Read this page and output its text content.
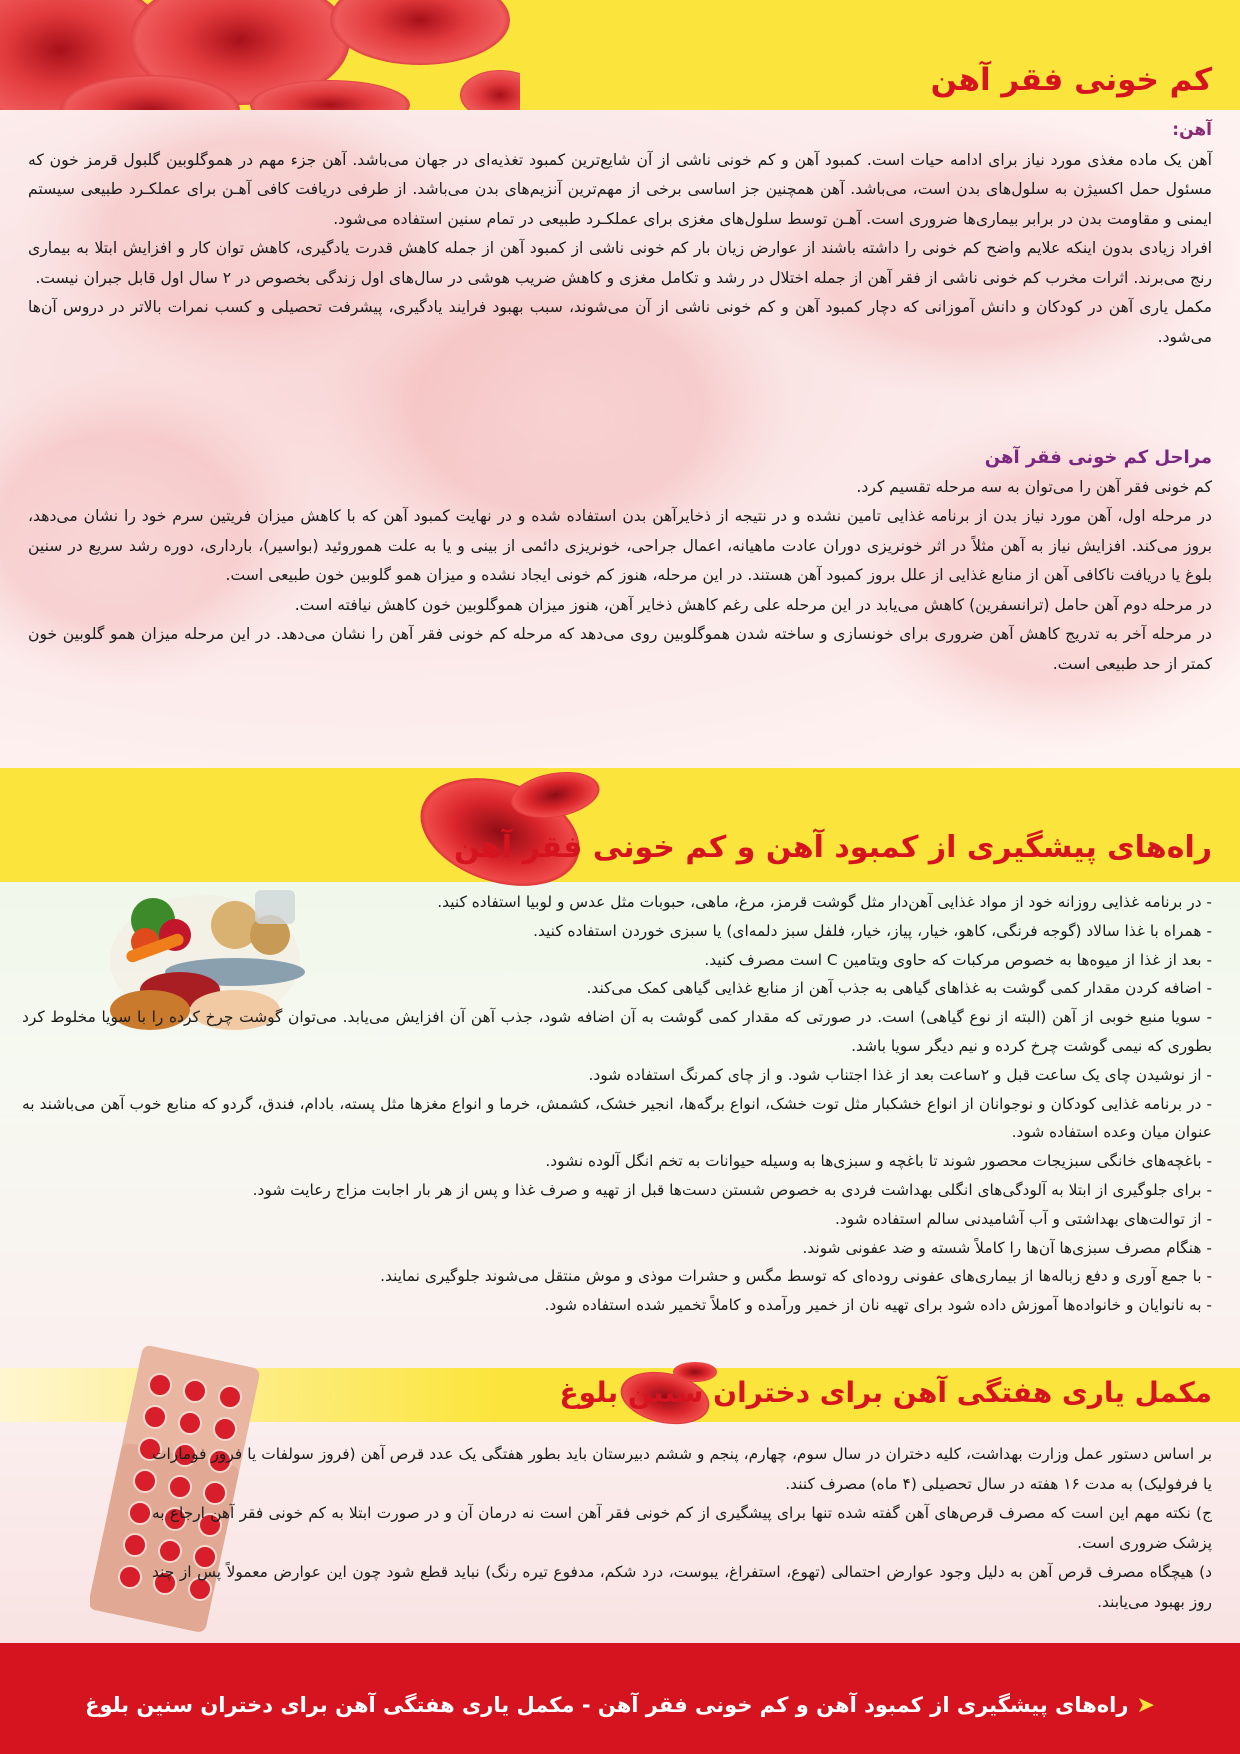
کم خونی فقر آهن
آهن:

آهن یک ماده مغذی مورد نیاز برای ادامه حیات است. کمبود آهن و کم خونی ناشی از آن شایع‌ترین کمبود تغذیه‌ای در جهان می‌باشد. آهن جزء مهم در هموگلوبین گلبول قرمز خون که مسئول حمل اکسیژن به سلول‌های بدن است، می‌باشد. آهن همچنین جز اساسی برخی از مهم‌ترین آنزیم‌های بدن می‌باشد. از طرفی دریافت کافی آهـن برای عملکـرد طبیعی سیستم ایمنی و مقاومت بدن در برابر بیماری‌ها ضروری است. آهـن توسط سلول‌های مغزی برای عملکـرد طبیعی در تمام سنین استفاده می‌شود.

افراد زیادی بدون اینکه علایم واضح کم خونی را داشته باشند از عوارض زیان بار کم خونی ناشی از کمبود آهن از جمله کاهش قدرت یادگیری، کاهش توان کار و افزایش ابتلا به بیماری رنج می‌برند. اثرات مخرب کم خونی ناشی از فقر آهن از جمله اختلال در رشد و تکامل مغزی و کاهش ضریب هوشی در سال‌های اول زندگی بخصوص در ۲ سال اول قابل جبران نیست.

مکمل یاری آهن در کودکان و دانش آموزانی که دچار کمبود آهن و کم خونی ناشی از آن می‌شوند، سبب بهبود فرایند یادگیری، پیشرفت تحصیلی و کسب نمرات بالاتر در دروس آن‌ها می‌شود.

مراحل کم خونی فقر آهن

کم خونی فقر آهن را می‌توان به سه مرحله تقسیم کرد.

در مرحله اول، آهن مورد نیاز بدن از برنامه غذایی تامین نشده و در نتیجه از ذخایرآهن بدن استفاده شده و در نهایت کمبود آهن که با کاهش میزان فریتین سرم خود را نشان می‌دهد، بروز می‌کند. افزایش نیاز به آهن مثلاً در اثر خونریزی دوران عادت ماهیانه، اعمال جراحی، خونریزی دائمی از بینی و یا به علت هموروئید (بواسیر)، بارداری، دوره رشد سریع در سنین بلوغ یا دریافت ناکافی آهن از منابع غذایی از علل بروز کمبود آهن هستند. در این مرحله، هنوز کم خونی ایجاد نشده و میزان همو گلوبین خون طبیعی است.

در مرحله دوم آهن حامل (ترانسفرین) کاهش می‌یابد در این مرحله علی رغم کاهش ذخایر آهن، هنوز میزان هموگلوبین خون کاهش نیافته است.

در مرحله آخر به تدریج کاهش آهن ضروری برای خونسازی و ساخته شدن هموگلوبین روی می‌دهد که مرحله کم خونی فقر آهن را نشان می‌دهد. در این مرحله میزان همو گلوبین خون کمتر از حد طبیعی است.

راه‌های پیشگیری از کمبود آهن و کم خونی فقر آهن
- در برنامه غذایی روزانه خود از مواد غذایی آهن‌دار مثل گوشت قرمز، مرغ، ماهی، حبوبات مثل عدس و لوبیا استفاده کنید.
- همراه با غذا سالاد (گوجه فرنگی، کاهو، خیار، پیاز، خیار، فلفل سبز دلمه‌ای) یا سبزی خوردن استفاده کنید.
- بعد از غذا از میوه‌ها به خصوص مرکبات که حاوی ویتامین C است مصرف کنید.
- اضافه کردن مقدار کمی گوشت به غذاهای گیاهی به جذب آهن از منابع غذایی گیاهی کمک می‌کند.
- سویا منبع خوبی از آهن (البته از نوع گیاهی) است. در صورتی که مقدار کمی گوشت به آن اضافه شود، جذب آهن آن افزایش می‌یابد. می‌توان گوشت چرخ کرده را با سویا مخلوط کرد بطوری که نیمی گوشت چرخ کرده و نیم دیگر سویا باشد.
- از نوشیدن چای یک ساعت قبل و ۲ساعت بعد از غذا اجتناب شود. و از چای کمرنگ استفاده شود.
- در برنامه غذایی کودکان و نوجوانان از انواع خشکبار مثل توت خشک، انواع برگه‌ها، انجیر خشک، کشمش، خرما و انواع مغزها مثل پسته، بادام، فندق، گردو که منابع خوب آهن می‌باشند به عنوان میان وعده استفاده شود.
- باغچه‌های خانگی سبزیجات محصور شوند تا باغچه و سبزی‌ها به وسیله حیوانات به تخم انگل آلوده نشود.
- برای جلوگیری از ابتلا به آلودگی‌های انگلی بهداشت فردی به خصوص شستن دست‌ها قبل از تهیه و صرف غذا و پس از هر بار اجابت مزاج رعایت شود.
- از توالت‌های بهداشتی و آب آشامیدنی سالم استفاده شود.
- هنگام مصرف سبزی‌ها آن‌ها را کاملاً شسته و ضد عفونی شوند.
- با جمع آوری و دفع زباله‌ها از بیماری‌های عفونی روده‌ای که توسط مگس و حشرات موذی و موش منتقل می‌شوند جلوگیری نمایند.
- به نانوایان و خانواده‌ها آموزش داده شود برای تهیه نان از خمیر ورآمده و کاملاً تخمیر شده استفاده شود.
مکمل یاری هفتگی آهن برای دختران سنین بلوغ

بر اساس دستور عمل وزارت بهداشت، کلیه دختران در سال سوم، چهارم، پنجم و ششم دبیرستان باید بطور هفتگی یک عدد قرص آهن (فروز سولفات یا فروز فومارات یا فرفولیک) به مدت ۱۶ هفته در سال تحصیلی (۴ ماه) مصرف کنند.

ج) نکته مهم این است که مصرف قرص‌های آهن گفته شده تنها برای پیشگیری از کم خونی فقر آهن است نه درمان آن و در صورت ابتلا به کم خونی فقر آهن ارجاع به پزشک ضروری است.

د) هیچگاه مصرف قرص آهن به دلیل وجود عوارض احتمالی (تهوع، استفراغ، یبوست، درد شکم، مدفوع تیره رنگ) نباید قطع شود چون این عوارض معمولاً پس از چند روز بهبود می‌یابند.

➤راه‌های پیشگیری از کمبود آهن و کم خونی فقر آهن - مکمل یاری هفتگی آهن برای دختران سنین بلوغ
